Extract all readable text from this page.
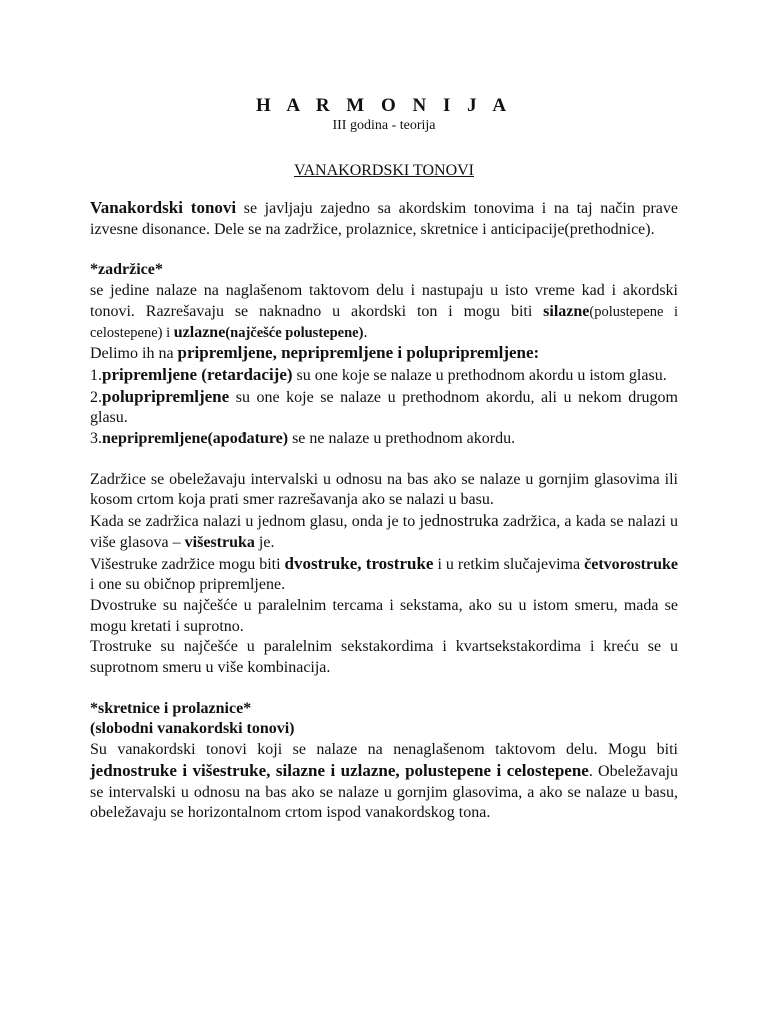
H A R M O N I J A
III godina - teorija
VANAKORDSKI TONOVI

Vanakordski tonovi se javljaju zajedno sa akordskim tonovima i na taj način prave izvesne disonance. Dele se na zadržice, prolaznice, skretnice i anticipacije(prethodnice).

*zadržice*

se jedine nalaze na naglašenom taktovom delu i nastupaju u isto vreme kad i akordski tonovi. Razrešavaju se naknadno u akordski ton i mogu biti silazne(polustepene i celostepene) i uzlazne(najčešće polustepene).

Delimo ih na pripremljene, nepripremljene i polupripremljene:

1.pripremljene (retardacije) su one koje se nalaze u prethodnom akordu u istom glasu.

2.polupripremljene su one koje se nalaze u prethodnom akordu, ali u nekom drugom glasu.

3.nepripremljene(apođature) se ne nalaze u prethodnom akordu.

Zadržice se obeležavaju intervalski u odnosu na bas ako se nalaze u gornjim glasovima ili kosom crtom koja prati smer razrešavanja ako se nalazi u basu.

Kada se zadržica nalazi u jednom glasu, onda je to jednostruka zadržica, a kada se nalazi u više glasova – višestruka je.

Višestruke zadržice mogu biti dvostruke, trostruke i u retkim slučajevima četvorostruke i one su običnop pripremljene.

Dvostruke su najčešće u paralelnim tercama i sekstama, ako su u istom smeru, mada se mogu kretati i suprotno.

Trostruke su najčešće u paralelnim sekstakordima i kvartsekstakordima i kreću se u suprotnom smeru u više kombinacija.

*skretnice i prolaznice*

(slobodni vanakordski tonovi)

Su vanakordski tonovi koji se nalaze na nenaglašenom taktovom delu. Mogu biti jednostruke i višestruke, silazne i uzlazne, polustepene i celostepene. Obeležavaju se intervalski u odnosu na bas ako se nalaze u gornjim glasovima, a ako se nalaze u basu, obeležavaju se horizontalnom crtom ispod vanakordskog tona.
